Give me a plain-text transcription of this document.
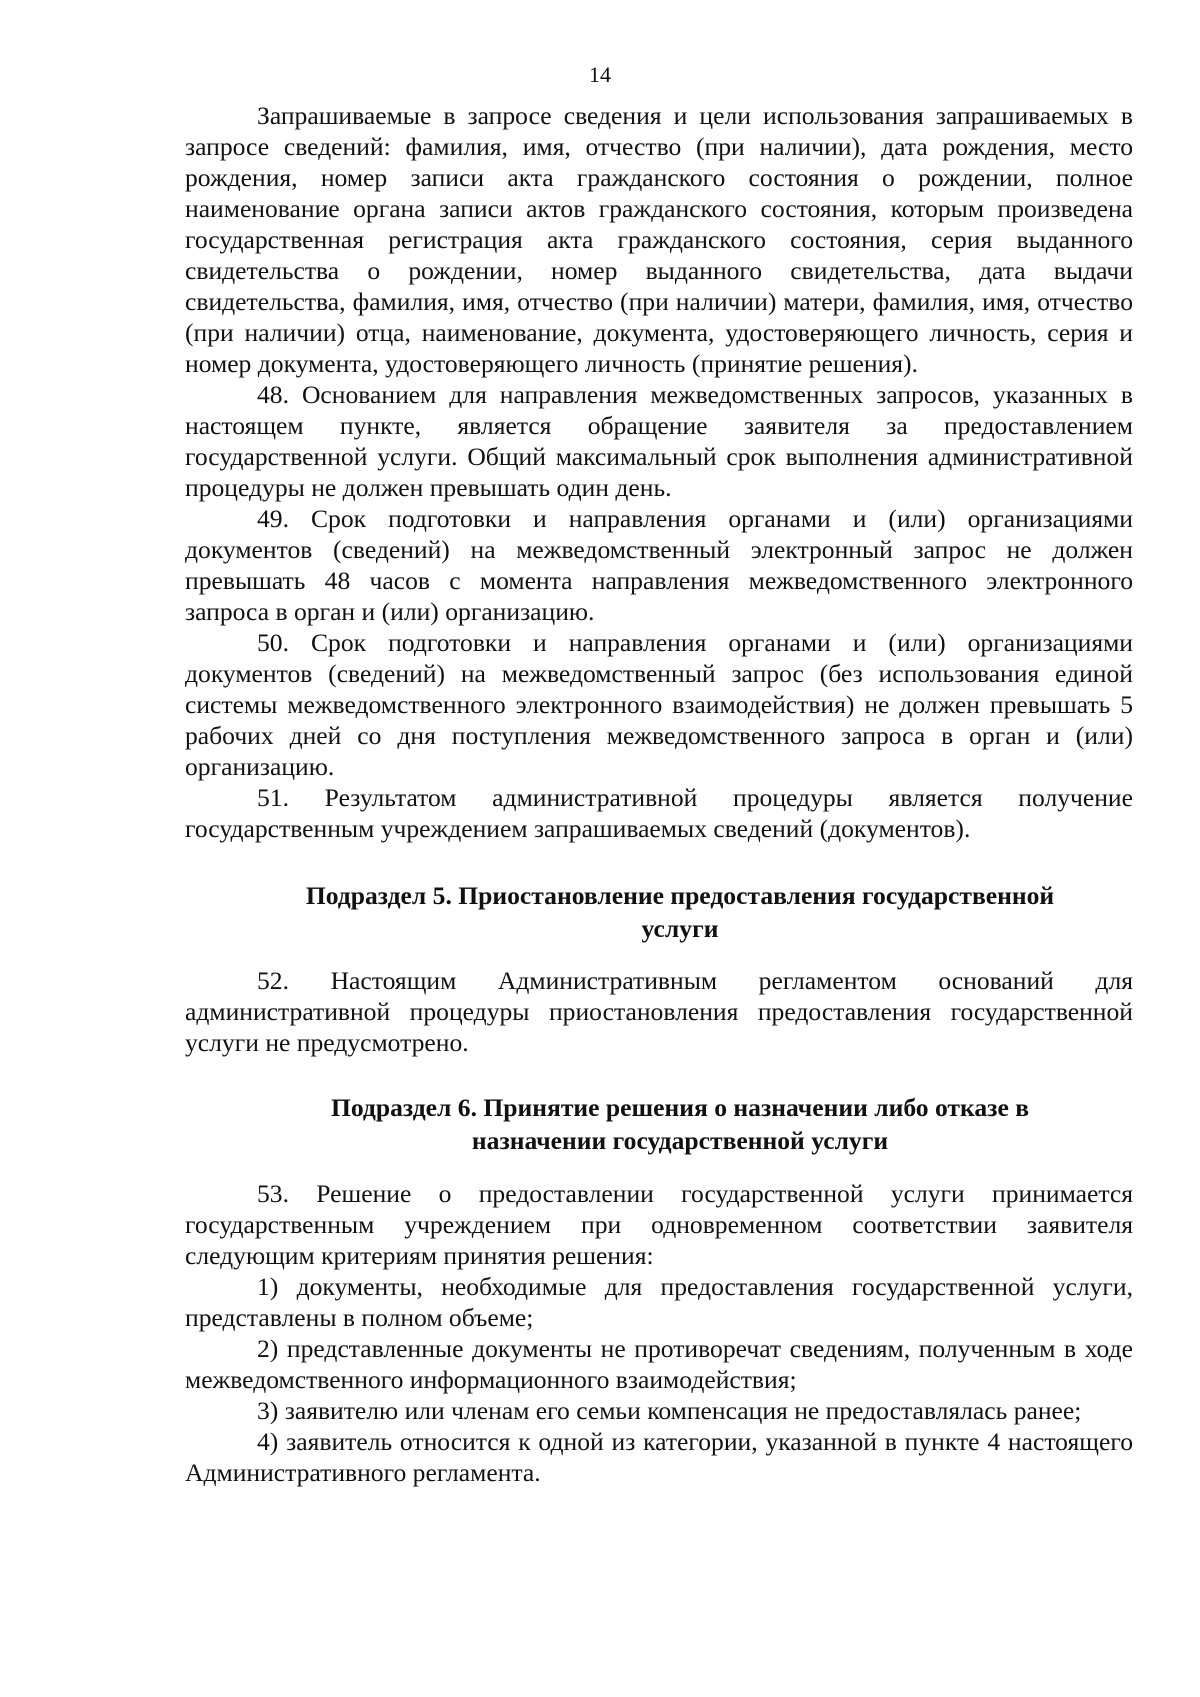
14

Запрашиваемые в запросе сведения и цели использования запрашиваемых в запросе сведений: фамилия, имя, отчество (при наличии), дата рождения, место рождения, номер записи акта гражданского состояния о рождении, полное наименование органа записи актов гражданского состояния, которым произведена государственная регистрация акта гражданского состояния, серия выданного свидетельства о рождении, номер выданного свидетельства, дата выдачи свидетельства, фамилия, имя, отчество (при наличии) матери, фамилия, имя, отчество (при наличии) отца, наименование, документа, удостоверяющего личность, серия и номер документа, удостоверяющего личность (принятие решения).

48. Основанием для направления межведомственных запросов, указанных в настоящем пункте, является обращение заявителя за предоставлением государственной услуги. Общий максимальный срок выполнения административной процедуры не должен превышать один день.

49. Срок подготовки и направления органами и (или) организациями документов (сведений) на межведомственный электронный запрос не должен превышать 48 часов с момента направления межведомственного электронного запроса в орган и (или) организацию.

50. Срок подготовки и направления органами и (или) организациями документов (сведений) на межведомственный запрос (без использования единой системы межведомственного электронного взаимодействия) не должен превышать 5 рабочих дней со дня поступления межведомственного запроса в орган и (или) организацию.

51. Результатом административной процедуры является получение государственным учреждением запрашиваемых сведений (документов).

Подраздел 5. Приостановление предоставления государственной
услуги

52. Настоящим Административным регламентом оснований для административной процедуры приостановления предоставления государственной услуги не предусмотрено.

Подраздел 6. Принятие решения о назначении либо отказе в
назначении государственной услуги

53. Решение о предоставлении государственной услуги принимается государственным учреждением при одновременном соответствии заявителя следующим критериям принятия решения:

1) документы, необходимые для предоставления государственной услуги, представлены в полном объеме;

2) представленные документы не противоречат сведениям, полученным в ходе межведомственного информационного взаимодействия;

3) заявителю или членам его семьи компенсация не предоставлялась ранее;

4) заявитель относится к одной из категории, указанной в пункте 4 настоящего Административного регламента.
